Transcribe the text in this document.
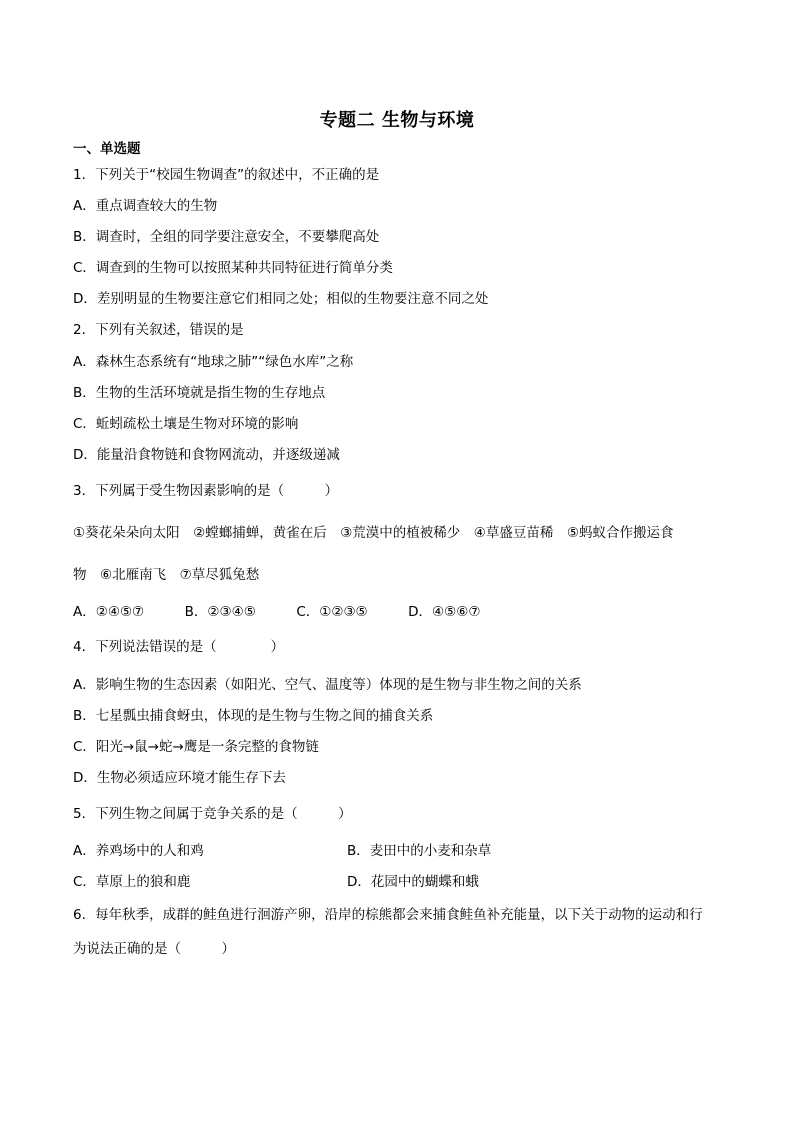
专题二 生物与环境
一、单选题
1．下列关于“校园生物调查”的叙述中，不正确的是
A．重点调查较大的生物
B．调查时，全组的同学要注意安全，不要攀爬高处
C．调查到的生物可以按照某种共同特征进行简单分类
D．差别明显的生物要注意它们相同之处；相似的生物要注意不同之处
2．下列有关叙述，错误的是
A．森林生态系统有“地球之肺”“绿色水库”之称
B．生物的生活环境就是指生物的生存地点
C．蚯蚓疏松土壤是生物对环境的影响
D．能量沿食物链和食物网流动，并逐级递减
3．下列属于受生物因素影响的是（　　　）
①葵花朵朵向太阳　②螳螂捕蝉，黄雀在后　③荒漠中的植被稀少　④草盛豆苗稀　⑤蚂蚁合作搬运食
物　⑥北雁南飞　⑦草尽狐兔愁
A．②④⑤⑦　　　B．②③④⑤　　　C．①②③⑤　　　D．④⑤⑥⑦
4．下列说法错误的是（　　　　）
A．影响生物的生态因素（如阳光、空气、温度等）体现的是生物与非生物之间的关系
B．七星瓢虫捕食蚜虫，体现的是生物与生物之间的捕食关系
C．阳光→鼠→蛇→鹰是一条完整的食物链
D．生物必须适应环境才能生存下去
5．下列生物之间属于竞争关系的是（　　　）
A．养鸡场中的人和鸡	B．麦田中的小麦和杂草
C．草原上的狼和鹿	D．花园中的蝴蝶和蛾
6．每年秋季，成群的鲑鱼进行洄游产卵，沿岸的棕熊都会来捕食鲑鱼补充能量，以下关于动物的运动和行
为说法正确的是（　　　）
